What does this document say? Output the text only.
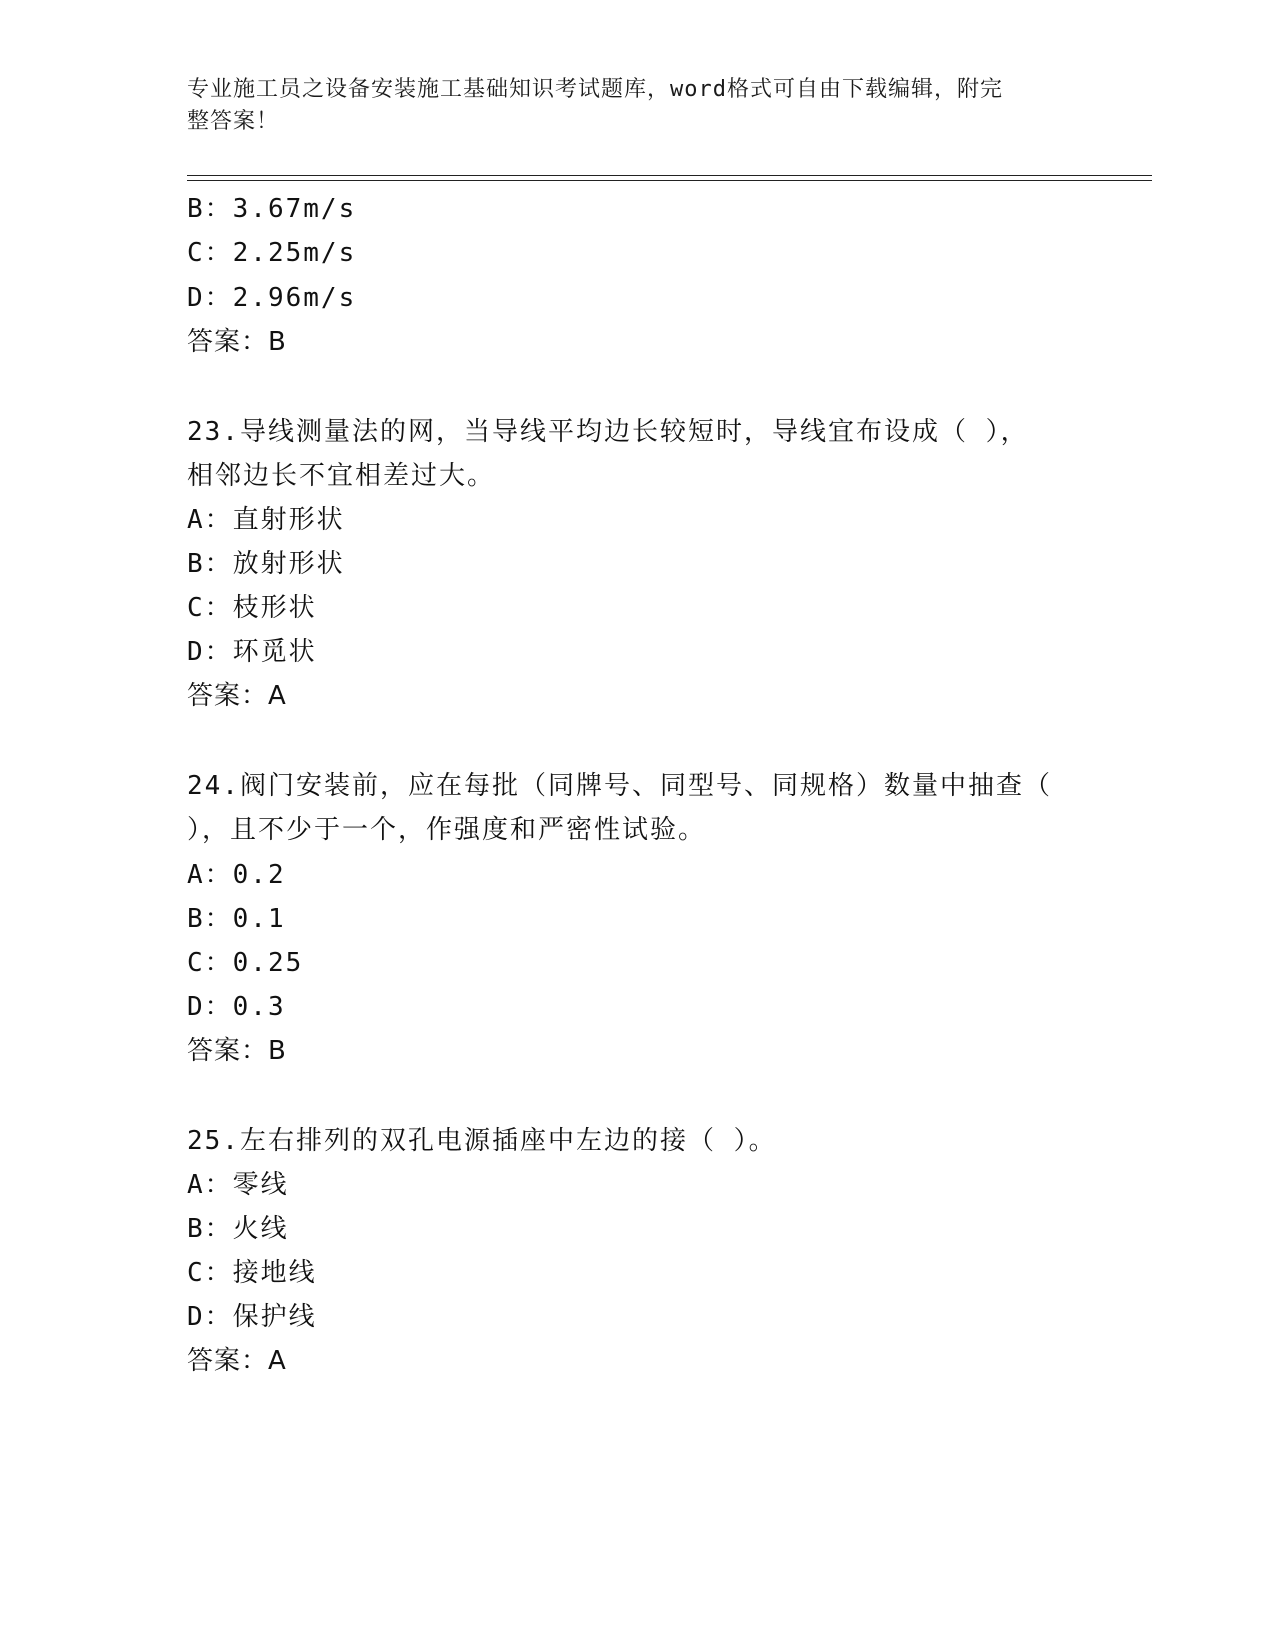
专业施工员之设备安装施工基础知识考试题库，word格式可自由下载编辑，附完
整答案！
B：3.67m/s
C：2.25m/s
D：2.96m/s
答案：B
23.导线测量法的网，当导线平均边长较短时，导线宜布设成（ ），
相邻边长不宜相差过大。
A：直射形状
B：放射形状
C：枝形状
D：环觅状
答案：A
24.阀门安装前，应在每批（同牌号、同型号、同规格）数量中抽查（
），且不少于一个，作强度和严密性试验。
A：0.2
B：0.1
C：0.25
D：0.3
答案：B
25.左右排列的双孔电源插座中左边的接（ ）。
A：零线
B：火线
C：接地线
D：保护线
答案：A
